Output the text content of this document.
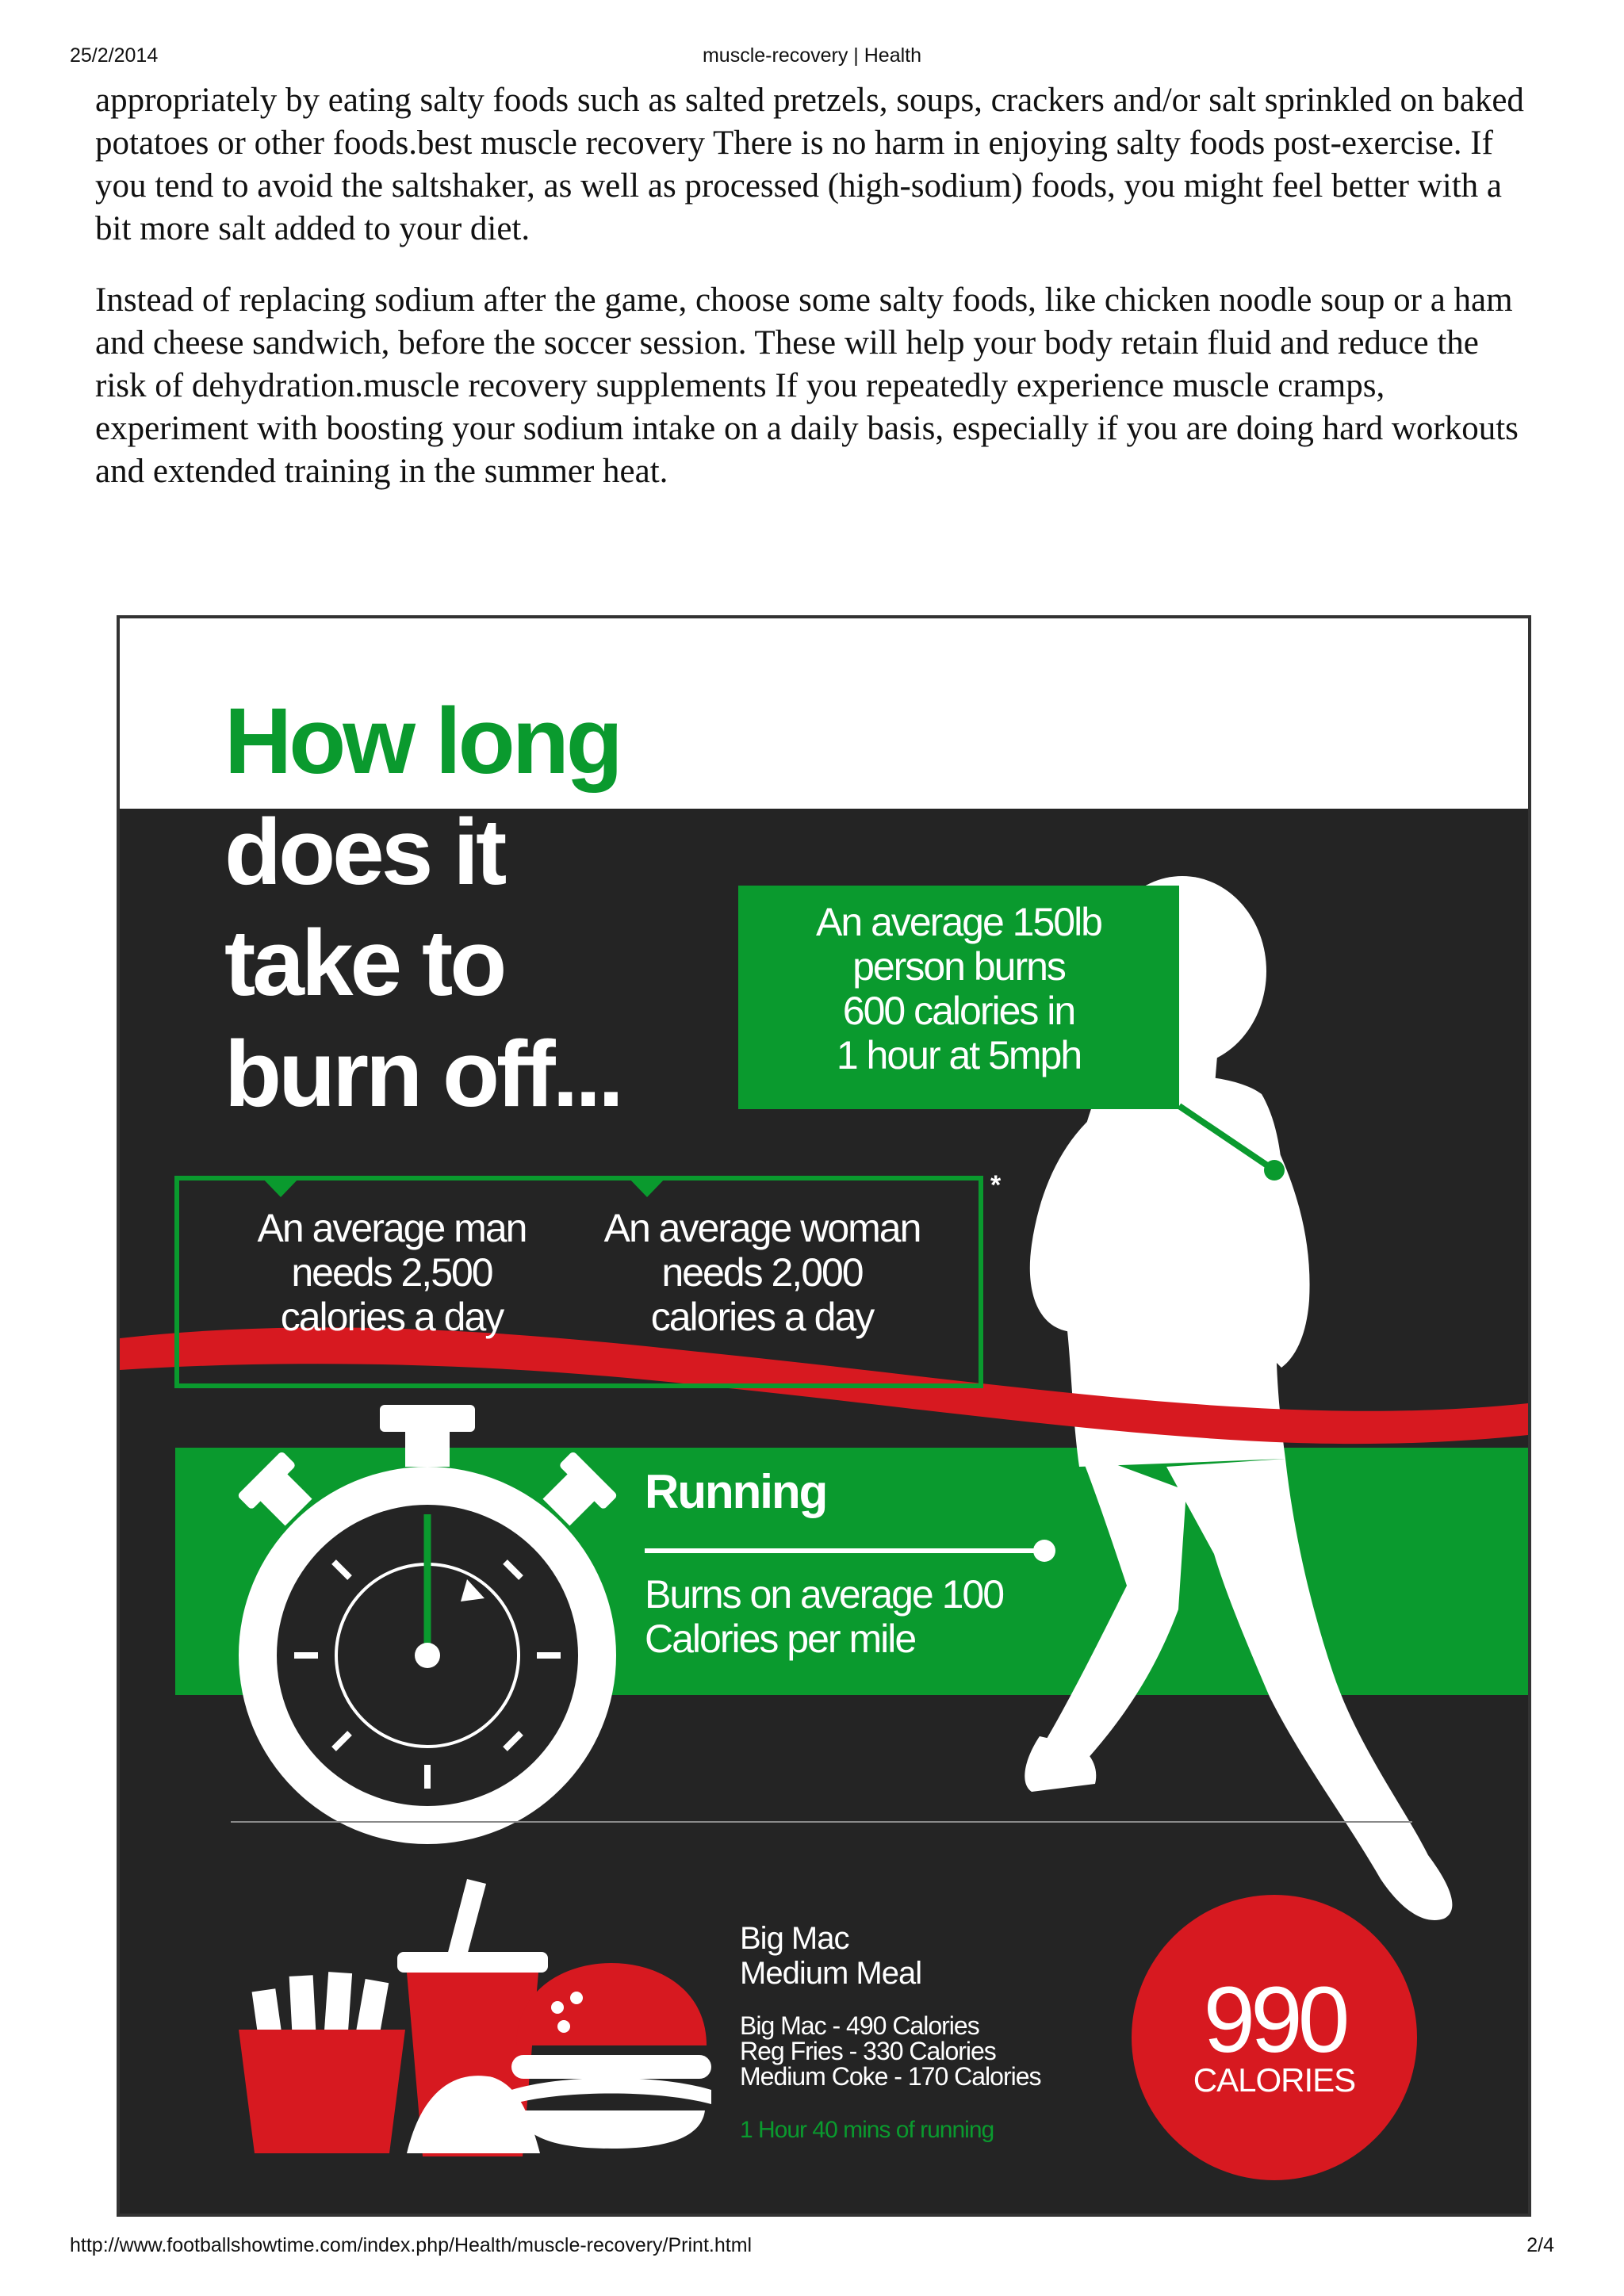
25/2/2014	muscle-recovery | Health

appropriately by eating salty foods such as salted pretzels, soups, crackers and/or salt sprinkled on baked potatoes or other foods.best muscle recovery There is no harm in enjoying salty foods post-exercise. If you tend to avoid the saltshaker, as well as processed (high-sodium) foods, you might feel better with a bit more salt added to your diet.

Instead of replacing sodium after the game, choose some salty foods, like chicken noodle soup or a ham and cheese sandwich, before the soccer session. These will help your body retain fluid and reduce the risk of dehydration.muscle recovery supplements If you repeatedly experience muscle cramps, experiment with boosting your sodium intake on a daily basis, especially if you are doing hard workouts and extended training in the summer heat.

How long
does it
take to
burn off...
An average 150lb
person burns
600 calories in
1 hour at 5mph
*
An average man
needs 2,500
calories a day
An average woman
needs 2,000
calories a day
Running
Burns on average 100
Calories per mile
Big Mac
Medium Meal
Big Mac - 490 Calories
Reg Fries - 330 Calories
Medium Coke - 170 Calories
1 Hour 40 mins of running
990
CALORIES
http://www.footballshowtime.com/index.php/Health/muscle-recovery/Print.html	2/4
